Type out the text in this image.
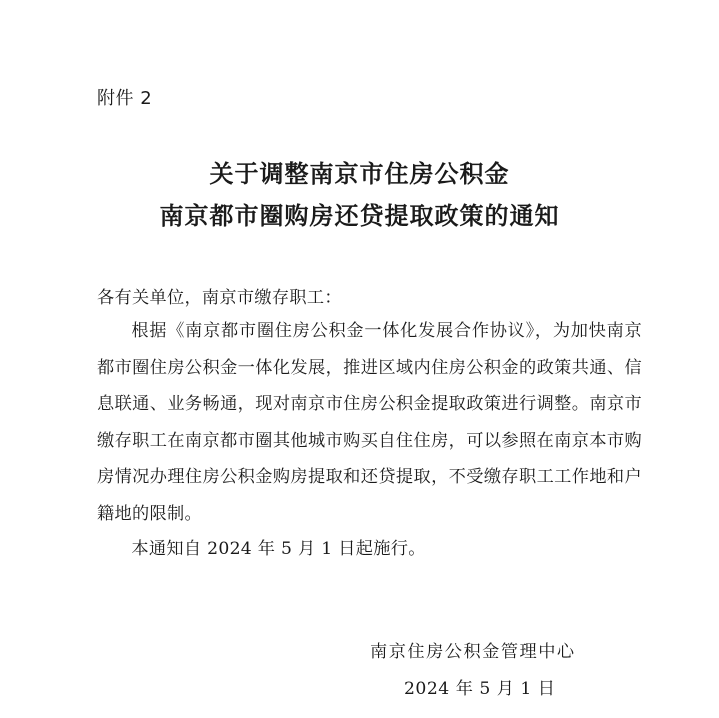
附件 2
关于调整南京市住房公积金
南京都市圈购房还贷提取政策的通知
各有关单位，南京市缴存职工：
根据《南京都市圈住房公积金一体化发展合作协议》，为加快南京都市圈住房公积金一体化发展，推进区域内住房公积金的政策共通、信息联通、业务畅通，现对南京市住房公积金提取政策进行调整。南京市缴存职工在南京都市圈其他城市购买自住住房，可以参照在南京本市购房情况办理住房公积金购房提取和还贷提取，不受缴存职工工作地和户籍地的限制。
本通知自 2024 年 5 月 1 日起施行。
南京住房公积金管理中心
2024 年 5 月 1 日
